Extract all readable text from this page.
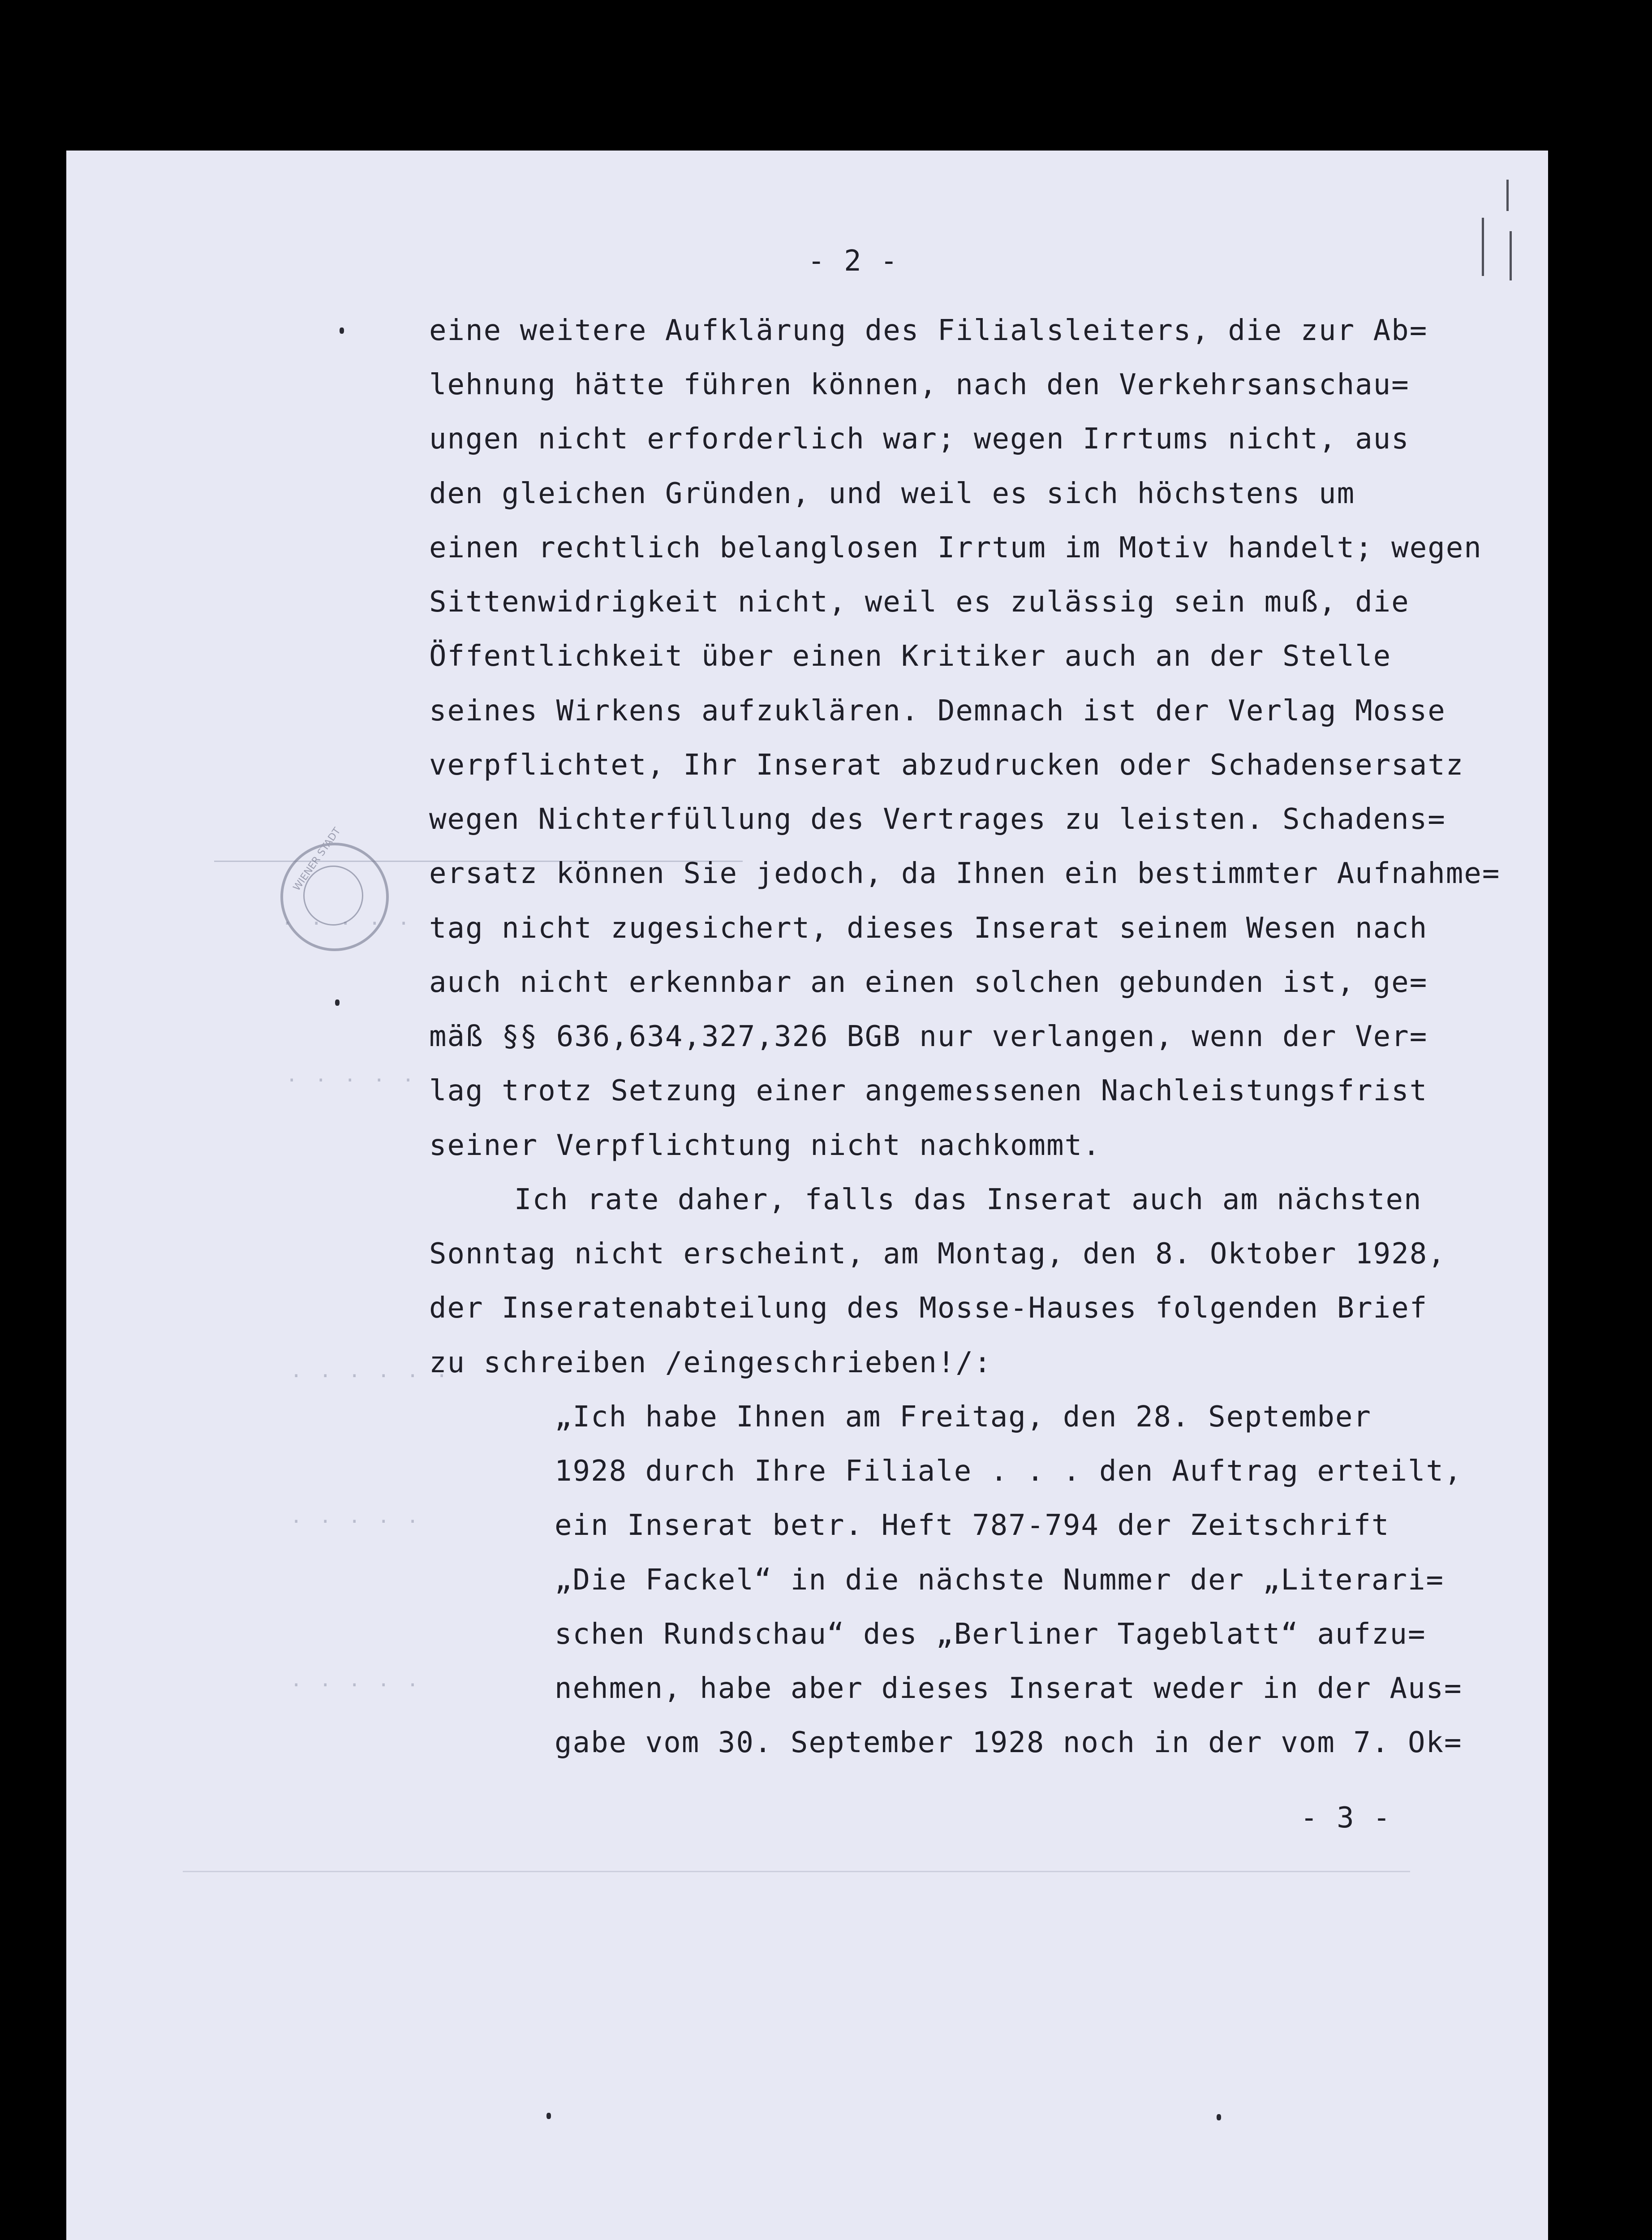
· · · · ·
· · · · ·
· · · · · ·
· · · · ·
· · · · ·
WIENER STADT
- 2 -
- 3 -
eine weitere Aufklärung des Filialsleiters, die zur Ab=
lehnung hätte führen können, nach den Verkehrsanschau=
ungen nicht erforderlich war; wegen Irrtums nicht, aus
den gleichen Gründen, und weil es sich höchstens um
einen rechtlich belanglosen Irrtum im Motiv handelt; wegen
Sittenwidrigkeit nicht, weil es zulässig sein muß, die
Öffentlichkeit über einen Kritiker auch an der Stelle
seines Wirkens aufzuklären. Demnach ist der Verlag Mosse
verpflichtet, Ihr Inserat abzudrucken oder Schadensersatz
wegen Nichterfüllung des Vertrages zu leisten. Schadens=
ersatz können Sie jedoch, da Ihnen ein bestimmter Aufnahme=
tag nicht zugesichert, dieses Inserat seinem Wesen nach
auch nicht erkennbar an einen solchen gebunden ist, ge=
mäß §§ 636,634,327,326 BGB nur verlangen, wenn der Ver=
lag trotz Setzung einer angemessenen Nachleistungsfrist
seiner Verpflichtung nicht nachkommt.
Ich rate daher, falls das Inserat auch am nächsten
Sonntag nicht erscheint, am Montag, den 8. Oktober 1928,
der Inseratenabteilung des Mosse-Hauses folgenden Brief
zu schreiben /eingeschrieben!/:
„Ich habe Ihnen am Freitag, den 28. September
1928 durch Ihre Filiale . . . den Auftrag erteilt,
ein Inserat betr. Heft 787-794 der Zeitschrift
„Die Fackel“ in die nächste Nummer der „Literari=
schen Rundschau“ des „Berliner Tageblatt“ aufzu=
nehmen, habe aber dieses Inserat weder in der Aus=
gabe vom 30. September 1928 noch in der vom 7. Ok=
